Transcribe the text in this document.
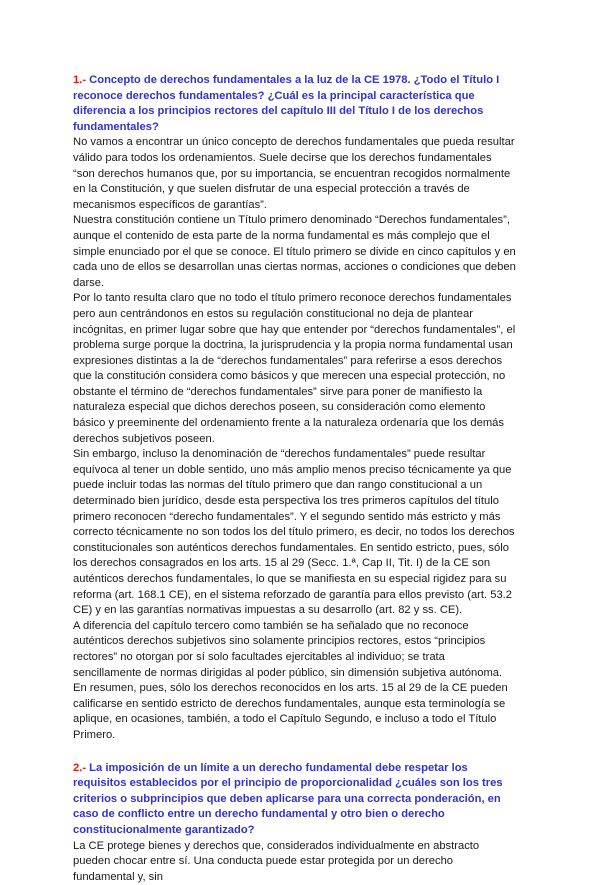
1.- Concepto de derechos fundamentales a la luz de la CE 1978. ¿Todo el Título I reconoce derechos fundamentales? ¿Cuál es la principal característica que diferencia a los principios rectores del capítulo III del Título I de los derechos fundamentales?

No vamos a encontrar un único concepto de derechos fundamentales que pueda resultar válido para todos los ordenamientos. Suele decirse que los derechos fundamentales “son derechos humanos que, por su importancia, se encuentran recogidos normalmente en la Constitución, y que suelen disfrutar de una especial protección a través de mecanismos específicos de garantías”.

Nuestra constitución contiene un Título primero denominado “Derechos fundamentales”, aunque el contenido de esta parte de la norma fundamental es más complejo que el simple enunciado por el que se conoce. El título primero se divide en cinco capítulos y en cada uno de ellos se desarrollan unas ciertas normas, acciones o condiciones que deben darse.

Por lo tanto resulta claro que no todo el título primero reconoce derechos fundamentales pero aun centrándonos en estos su regulación constitucional no deja de plantear incógnitas, en primer lugar sobre que hay que entender por “derechos fundamentales”, el problema surge porque la doctrina, la jurisprudencia y la propia norma fundamental usan expresiones distintas a la de “derechos fundamentales” para referirse a esos derechos que la constitución considera como básicos y que merecen una especial protección, no obstante el término de “derechos fundamentales” sirve para poner de manifiesto la naturaleza especial que dichos derechos poseen, su consideración como elemento básico y preeminente del ordenamiento frente a la naturaleza ordenaría que los demás derechos subjetivos poseen.

Sin embargo, incluso la denominación de “derechos fundamentales” puede resultar equívoca al tener un doble sentido, uno más amplio menos preciso técnicamente ya que puede incluir todas las normas del título primero que dan rango constitucional a un determinado bien jurídico, desde esta perspectiva los tres primeros capítulos del título primero reconocen “derecho fundamentales”. Y el segundo sentido más estricto y más correcto técnicamente no son todos los del título primero, es decir, no todos los derechos constitucionales son auténticos derechos fundamentales. En sentido estricto, pues, sólo los derechos consagrados en los arts. 15 al 29 (Secc. 1.ª, Cap II, Tit. I) de la CE son auténticos derechos fundamentales, lo que se manifiesta en su especial rigidez para su reforma (art. 168.1 CE), en el sistema reforzado de garantía para ellos previsto (art. 53.2 CE) y en las garantías normativas impuestas a su desarrollo (art. 82 y ss. CE).

A diferencia del capítulo tercero como también se ha señalado que no reconoce auténticos derechos subjetivos sino solamente principios rectores, estos “principios rectores” no otorgan por sí solo facultades ejercitables al individuo; se trata sencillamente de normas dirigidas al poder público, sin dimensión subjetiva autónoma.

En resumen, pues, sólo los derechos reconocidos en los arts. 15 al 29 de la CE pueden calificarse en sentido estricto de derechos fundamentales, aunque esta terminología se aplique, en ocasiones, también, a todo el Capítulo Segundo, e incluso a todo el Título Primero.

2.- La imposición de un límite a un derecho fundamental debe respetar los requisitos establecidos por el principio de proporcionalidad ¿cuáles son los tres criterios o subprincipios que deben aplicarse para una correcta ponderación, en caso de conflicto entre un derecho fundamental y otro bien o derecho constitucionalmente garantizado?

La CE protege bienes y derechos que, considerados individualmente en abstracto pueden chocar entre sí. Una conducta puede estar protegida por un derecho fundamental y, sin
